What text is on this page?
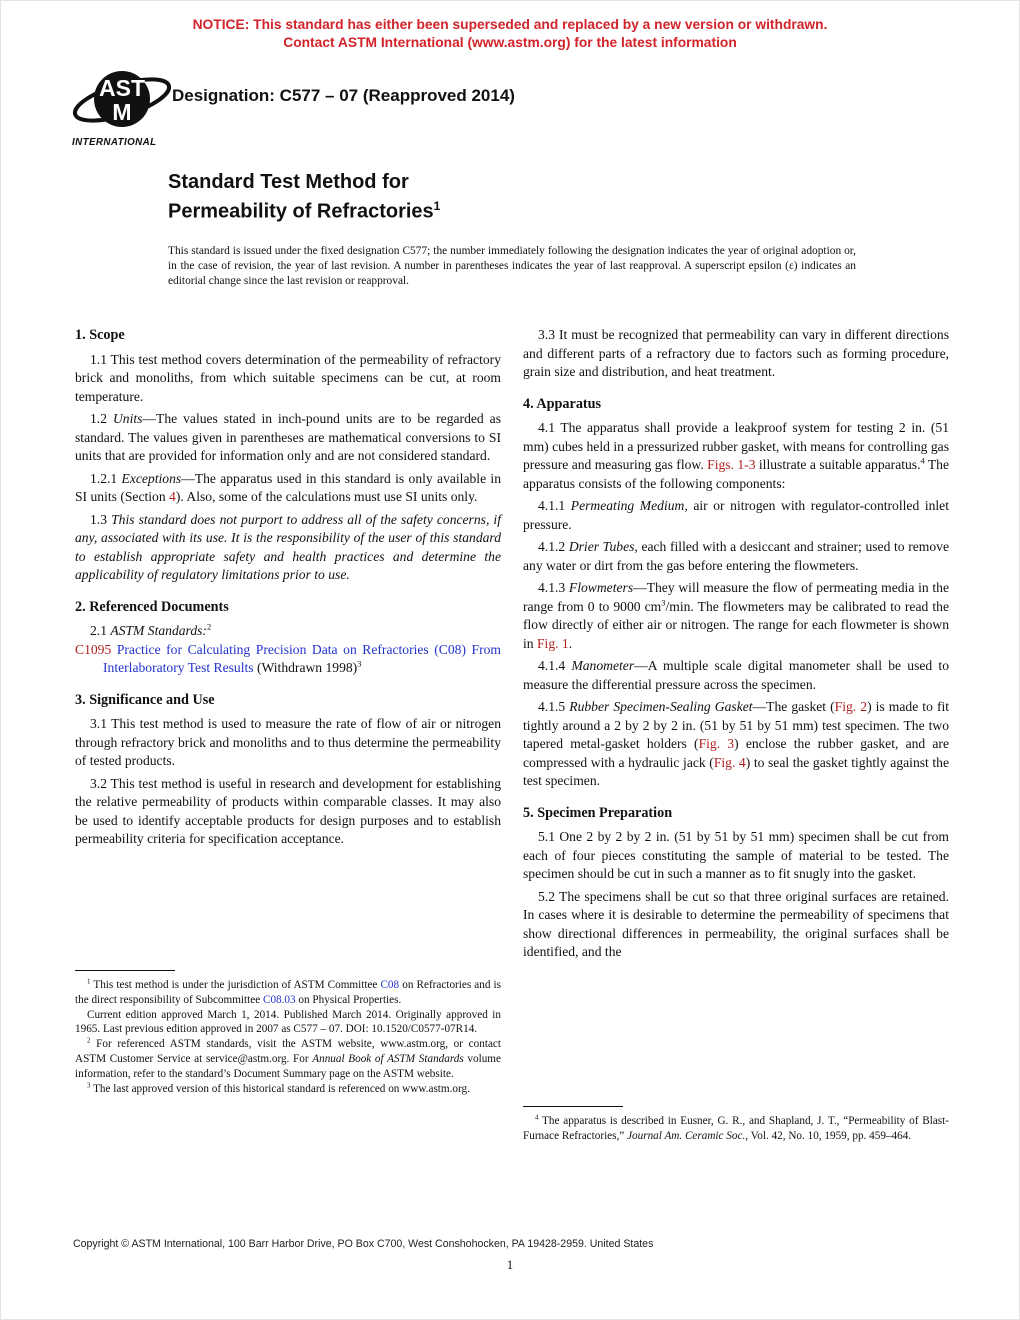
NOTICE: This standard has either been superseded and replaced by a new version or withdrawn.
Contact ASTM International (www.astm.org) for the latest information
AST
M
INTERNATIONAL
Designation: C577 – 07 (Reapproved 2014)
Standard Test Method for
Permeability of Refractories$^1$
This standard is issued under the fixed designation C577; the number immediately following the designation indicates the year of original adoption or, in the case of revision, the year of last revision. A number in parentheses indicates the year of last reapproval. A superscript epsilon (ε) indicates an editorial change since the last revision or reapproval.
1. Scope

1.1 This test method covers determination of the permeability of refractory brick and monoliths, from which suitable specimens can be cut, at room temperature.

1.2 Units—The values stated in inch-pound units are to be regarded as standard. The values given in parentheses are mathematical conversions to SI units that are provided for information only and are not considered standard.

1.2.1 Exceptions—The apparatus used in this standard is only available in SI units (Section 4). Also, some of the calculations must use SI units only.

1.3 This standard does not purport to address all of the safety concerns, if any, associated with its use. It is the responsibility of the user of this standard to establish appropriate safety and health practices and determine the applicability of regulatory limitations prior to use.

2. Referenced Documents

2.1 ASTM Standards:$^2$

C1095 Practice for Calculating Precision Data on Refractories (C08) From Interlaboratory Test Results (Withdrawn 1998)$^3$

3. Significance and Use

3.1 This test method is used to measure the rate of flow of air or nitrogen through refractory brick and monoliths and to thus determine the permeability of tested products.

3.2 This test method is useful in research and development for establishing the relative permeability of products within comparable classes. It may also be used to identify acceptable products for design purposes and to establish permeability criteria for specification acceptance.

$^1$ This test method is under the jurisdiction of ASTM Committee C08 on Refractories and is the direct responsibility of Subcommittee C08.03 on Physical Properties.

Current edition approved March 1, 2014. Published March 2014. Originally approved in 1965. Last previous edition approved in 2007 as C577 – 07. DOI: 10.1520/C0577-07R14.

$^2$ For referenced ASTM standards, visit the ASTM website, www.astm.org, or contact ASTM Customer Service at service@astm.org. For Annual Book of ASTM Standards volume information, refer to the standard’s Document Summary page on the ASTM website.

$^3$ The last approved version of this historical standard is referenced on www.astm.org.

3.3 It must be recognized that permeability can vary in different directions and different parts of a refractory due to factors such as forming procedure, grain size and distribution, and heat treatment.

4. Apparatus

4.1 The apparatus shall provide a leakproof system for testing 2 in. (51 mm) cubes held in a pressurized rubber gasket, with means for controlling gas pressure and measuring gas flow. Figs. 1-3 illustrate a suitable apparatus.$^4$ The apparatus consists of the following components:

4.1.1 Permeating Medium, air or nitrogen with regulator-controlled inlet pressure.

4.1.2 Drier Tubes, each filled with a desiccant and strainer; used to remove any water or dirt from the gas before entering the flowmeters.

4.1.3 Flowmeters—They will measure the flow of permeating media in the range from 0 to 9000 $cm^3/\min$. The flowmeters may be calibrated to read the flow directly of either air or nitrogen. The range for each flowmeter is shown in Fig. 1.

4.1.4 Manometer—A multiple scale digital manometer shall be used to measure the differential pressure across the specimen.

4.1.5 Rubber Specimen-Sealing Gasket—The gasket (Fig. 2) is made to fit tightly around a 2 by 2 by 2 in. (51 by 51 by 51 mm) test specimen. The two tapered metal-gasket holders (Fig. 3) enclose the rubber gasket, and are compressed with a hydraulic jack (Fig. 4) to seal the gasket tightly against the test specimen.

5. Specimen Preparation

5.1 One 2 by 2 by 2 in. (51 by 51 by 51 mm) specimen shall be cut from each of four pieces constituting the sample of material to be tested. The specimen should be cut in such a manner as to fit snugly into the gasket.

5.2 The specimens shall be cut so that three original surfaces are retained. In cases where it is desirable to determine the permeability of specimens that show directional differences in permeability, the original surfaces shall be identified, and the

$^4$ The apparatus is described in Eusner, G. R., and Shapland, J. T., “Permeability of Blast-Furnace Refractories,” Journal Am. Ceramic Soc., Vol. 42, No. 10, 1959, pp. 459–464.

Copyright © ASTM International, 100 Barr Harbor Drive, PO Box C700, West Conshohocken, PA 19428-2959. United States
1
